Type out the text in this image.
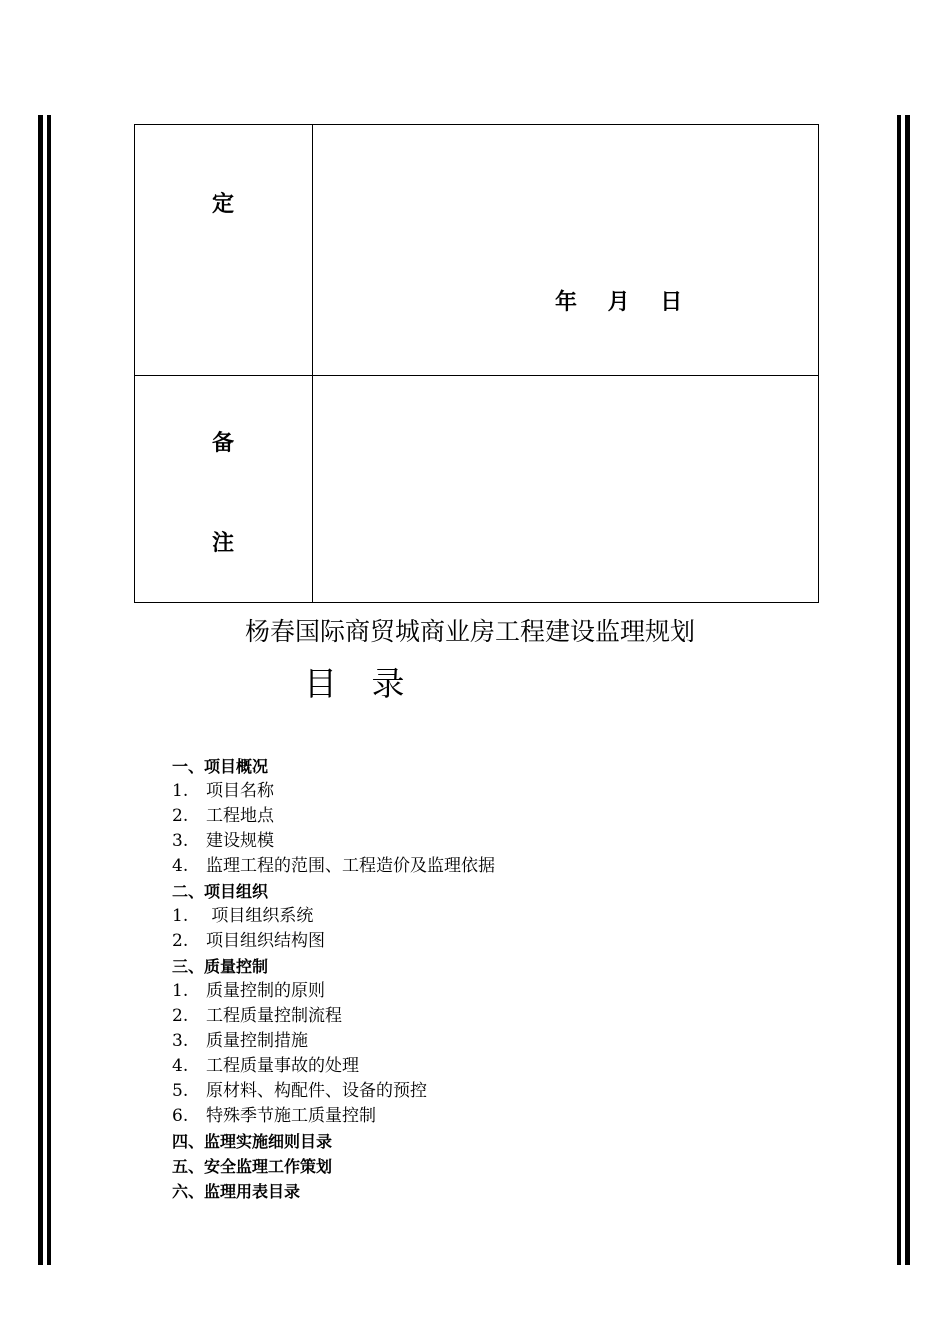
定
年    月    日
备
注
杨春国际商贸城商业房工程建设监理规划
目 录
一、项目概况
1. 项目名称
2. 工程地点
3. 建设规模
4. 监理工程的范围、工程造价及监理依据
二、项目组织
1. 项目组织系统
2. 项目组织结构图
三、质量控制
1. 质量控制的原则
2. 工程质量控制流程
3. 质量控制措施
4. 工程质量事故的处理
5. 原材料、构配件、设备的预控
6. 特殊季节施工质量控制
四、监理实施细则目录
五、安全监理工作策划
六、监理用表目录
